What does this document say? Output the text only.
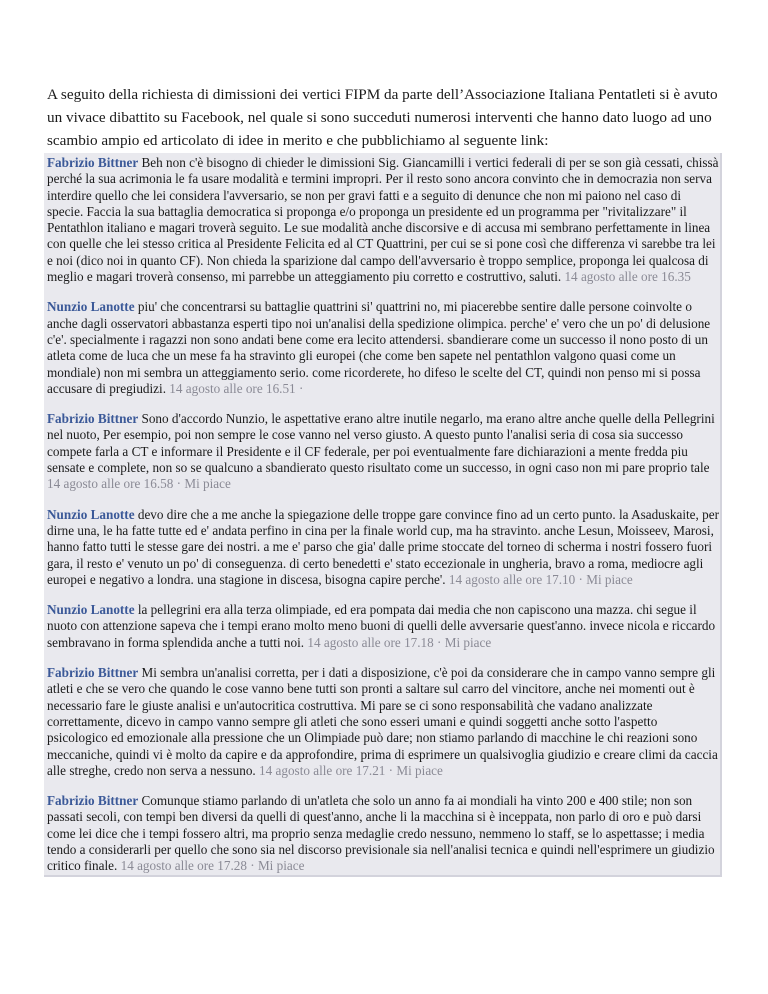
A seguito della richiesta di dimissioni dei vertici FIPM da parte dell’Associazione Italiana Pentatleti si è avuto un vivace dibattito su Facebook, nel quale si sono succeduti numerosi interventi che hanno dato luogo ad uno scambio ampio ed articolato di idee in merito e che pubblichiamo al seguente link:

Fabrizio Bittner Beh non c'è bisogno di chieder le dimissioni Sig. Giancamilli i vertici federali di per se son già cessati, chissà perché la sua acrimonia le fa usare modalità e termini impropri. Per il resto sono ancora convinto che in democrazia non serva interdire quello che lei considera l'avversario, se non per gravi fatti e a seguito di denunce che non mi paiono nel caso di specie. Faccia la sua battaglia democratica si proponga e/o proponga un presidente ed un programma per "rivitalizzare" il Pentathlon italiano e magari troverà seguito. Le sue modalità anche discorsive e di accusa mi sembrano perfettamente in linea con quelle che lei stesso critica al Presidente Felicita ed al CT Quattrini, per cui se si pone così che differenza vi sarebbe tra lei e noi (dico noi in quanto CF). Non chieda la sparizione dal campo dell'avversario è troppo semplice, proponga lei qualcosa di meglio e magari troverà consenso, mi parrebbe un atteggiamento piu corretto e costruttivo, saluti. 14 agosto alle ore 16.35

Nunzio Lanotte piu' che concentrarsi su battaglie quattrini si' quattrini no, mi piacerebbe sentire dalle persone coinvolte o anche dagli osservatori abbastanza esperti tipo noi un'analisi della spedizione olimpica. perche' e' vero che un po' di delusione c'e'. specialmente i ragazzi non sono andati bene come era lecito attendersi. sbandierare come un successo il nono posto di un atleta come de luca che un mese fa ha stravinto gli europei (che come ben sapete nel pentathlon valgono quasi come un mondiale) non mi sembra un atteggiamento serio. come ricorderete, ho difeso le scelte del CT, quindi non penso mi si possa accusare di pregiudizi. 14 agosto alle ore 16.51 ·

Fabrizio Bittner Sono d'accordo Nunzio, le aspettative erano altre inutile negarlo, ma erano altre anche quelle della Pellegrini nel nuoto, Per esempio, poi non sempre le cose vanno nel verso giusto. A questo punto l'analisi seria di cosa sia successo compete farla a CT e informare il Presidente e il CF federale, per poi eventualmente fare dichiarazioni a mente fredda piu sensate e complete, non so se qualcuno a sbandierato questo risultato come un successo, in ogni caso non mi pare proprio tale 14 agosto alle ore 16.58 · Mi piace

Nunzio Lanotte devo dire che a me anche la spiegazione delle troppe gare convince fino ad un certo punto. la Asaduskaite, per dirne una, le ha fatte tutte ed e' andata perfino in cina per la finale world cup, ma ha stravinto. anche Lesun, Moisseev, Marosi, hanno fatto tutti le stesse gare dei nostri. a me e' parso che gia' dalle prime stoccate del torneo di scherma i nostri fossero fuori gara, il resto e' venuto un po' di conseguenza. di certo benedetti e' stato eccezionale in ungheria, bravo a roma, mediocre agli europei e negativo a londra. una stagione in discesa, bisogna capire perche'. 14 agosto alle ore 17.10 · Mi piace

Nunzio Lanotte la pellegrini era alla terza olimpiade, ed era pompata dai media che non capiscono una mazza. chi segue il nuoto con attenzione sapeva che i tempi erano molto meno buoni di quelli delle avversarie quest'anno. invece nicola e riccardo sembravano in forma splendida anche a tutti noi. 14 agosto alle ore 17.18 · Mi piace

Fabrizio Bittner Mi sembra un'analisi corretta, per i dati a disposizione, c'è poi da considerare che in campo vanno sempre gli atleti e che se vero che quando le cose vanno bene tutti son pronti a saltare sul carro del vincitore, anche nei momenti out è necessario fare le giuste analisi e un'autocritica costruttiva. Mi pare se ci sono responsabilità che vadano analizzate correttamente, dicevo in campo vanno sempre gli atleti che sono esseri umani e quindi soggetti anche sotto l'aspetto psicologico ed emozionale alla pressione che un Olimpiade può dare; non stiamo parlando di macchine le chi reazioni sono meccaniche, quindi vi è molto da capire e da approfondire, prima di esprimere un qualsivoglia giudizio e creare climi da caccia alle streghe, credo non serva a nessuno. 14 agosto alle ore 17.21 · Mi piace

Fabrizio Bittner Comunque stiamo parlando di un'atleta che solo un anno fa ai mondiali ha vinto 200 e 400 stile; non son passati secoli, con tempi ben diversi da quelli di quest'anno, anche li la macchina si è inceppata, non parlo di oro e può darsi come lei dice che i tempi fossero altri, ma proprio senza medaglie credo nessuno, nemmeno lo staff, se lo aspettasse; i media tendo a considerarli per quello che sono sia nel discorso previsionale sia nell'analisi tecnica e quindi nell'esprimere un giudizio critico finale. 14 agosto alle ore 17.28 · Mi piace
